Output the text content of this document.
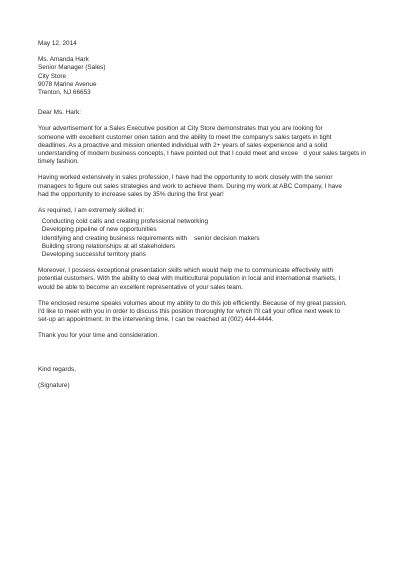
May 12, 2014
Ms. Amanda Hark
Senior Manager (Sales)
City Store
9078 Marine Avenue
Trenton, NJ 66653
Dear Ms. Hark:
Your advertisement for a Sales Executive position at City Store demonstrates that you are looking for
someone with excellent customer orien tation and the ability to meet the company's sales targets in tight
deadlines. As a proactive and mission oriented individual with 2+ years of sales experience and a solid
understanding of modern business concepts, I have pointed out that I could meet and excee   d your sales targets in
timely fashion.
Having worked extensively in sales profession, I have had the opportunity to work closely with the senior
managers to figure out sales strategies and work to achieve them. During my work at ABC Company, I have
had the opportunity to increase sales by 35% during the first year!
As required, I am extremely skilled in:
Conducting cold calls and creating professional networking
Developing pipeline of new opportunities
Identifying and creating business requirements with    senior decision makers
Building strong relationships at all stakeholders
Developing successful territory plans
Moreover, I possess exceptional presentation skills which would help me to communicate effectively with
potential customers. With the ability to deal with multicultural population in local and international markets, I
would be able to become an excellent representative of your sales team.
The enclosed resume speaks volumes about my ability to do this job efficiently. Because of my great passion,
I'd like to meet with you in order to discuss this position thoroughly for which I'll call your office next week to
set-up an appointment. In the intervening time, I can be reached at (002) 444-4444.
Thank you for your time and consideration.
Kind regards,
(Signature)
